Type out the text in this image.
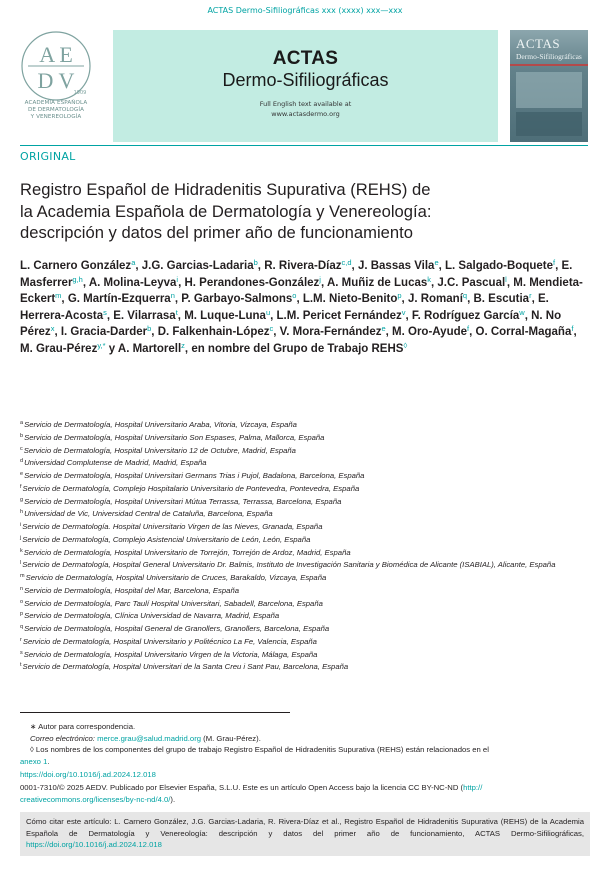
ACTAS Dermo-Sifiliográficas xxx (xxxx) xxx—xxx
A E
D V 1909
ACADEMIA ESPAÑOLA
DE DERMATOLOGÍA
Y VENEREOLOGÍA
ACTAS
Dermo-Sifiliográficas
Full English text available at
www.actasdermo.org
ACTAS
Dermo-Sifiliográficas
ORIGINAL
Registro Español de Hidradenitis Supurativa (REHS) de
la Academia Española de Dermatología y Venereología:
descripción y datos del primer año de funcionamiento
L. Carnero González$^a$, J.G. Garcias-Ladaria$^b$, R. Rivera-Díaz$^{c,d}$, J. Bassas Vila$^e$, L. Salgado-Boquete$^f$, E. Masferrer$^{g,h}$, A. Molina-Leyva$^i$, H. Perandones-González$^j$, A. Muñiz de Lucas$^k$, J.C. Pascual$^l$, M. Mendieta-Eckert$^m$, G. Martín-Ezquerra$^n$, P. Garbayo-Salmons$^o$, L.M. Nieto-Benito$^p$, J. Romaní$^q$, B. Escutia$^r$, E. Herrera-Acosta$^s$, E. Vilarrasa$^t$, M. Luque-Luna$^u$, L.M. Pericet Fernández$^v$, F. Rodríguez García$^w$, N. No Pérez$^x$, I. Gracia-Darder$^b$, D. Falkenhain-López$^c$, V. Mora-Fernández$^e$, M. Oro-Ayude$^f$, O. Corral-Magaña$^f$, M. Grau-Pérez$^{y,*}$ y A. Martorell$^z$, en nombre del Grupo de Trabajo REHS◊
$^a$Servicio de Dermatología, Hospital Universitario Araba, Vitoria, Vizcaya, España
$^b$Servicio de Dermatología, Hospital Universitario Son Espases, Palma, Mallorca, España
$^c$Servicio de Dermatología, Hospital Universitario 12 de Octubre, Madrid, España
$^d$Universidad Complutense de Madrid, Madrid, España
$^e$Servicio de Dermatología, Hospital Universitari Germans Trias i Pujol, Badalona, Barcelona, España
$^f$Servicio de Dermatología, Complejo Hospitalario Universitario de Pontevedra, Pontevedra, España
$^g$Servicio de Dermatología, Hospital Universitari Mútua Terrassa, Terrassa, Barcelona, España
$^h$Universidad de Vic, Universidad Central de Cataluña, Barcelona, España
$^i$Servicio de Dermatología. Hospital Universitario Virgen de las Nieves, Granada, España
$^j$Servicio de Dermatología, Complejo Asistencial Universitario de León, León, España
$^k$Servicio de Dermatología, Hospital Universitario de Torrejón, Torrejón de Ardoz, Madrid, España
$^l$Servicio de Dermatología, Hospital General Universitario Dr. Balmis, Instituto de Investigación Sanitaria y Biomédica de Alicante (ISABIAL), Alicante, España
$^m$Servicio de Dermatología, Hospital Universitario de Cruces, Barakaldo, Vizcaya, España
$^n$Servicio de Dermatología, Hospital del Mar, Barcelona, España
$^o$Servicio de Dermatología, Parc Taulí Hospital Universitari, Sabadell, Barcelona, España
$^p$Servicio de Dermatología, Clínica Universidad de Navarra, Madrid, España
$^q$Servicio de Dermatología, Hospital General de Granollers, Granollers, Barcelona, España
$^r$Servicio de Dermatología, Hospital Universitario y Politécnico La Fe, Valencia, España
$^s$Servicio de Dermatología, Hospital Universitario Virgen de la Victoria, Málaga, España
$^t$Servicio de Dermatología, Hospital Universitari de la Santa Creu i Sant Pau, Barcelona, España
∗ Autor para correspondencia.
Correo electrónico: merce.grau@salud.madrid.org (M. Grau-Pérez).
◊ Los nombres de los componentes del grupo de trabajo Registro Español de Hidradenitis Supurativa (REHS) están relacionados en el
anexo 1.
https://doi.org/10.1016/j.ad.2024.12.018
0001-7310/© 2025 AEDV. Publicado por Elsevier España, S.L.U. Este es un artículo Open Access bajo la licencia CC BY-NC-ND (http://
creativecommons.org/licenses/by-nc-nd/4.0/).
Cómo citar este artículo: L. Carnero González, J.G. Garcias-Ladaria, R. Rivera-Díaz et al., Registro Español de Hidradenitis Supurativa (REHS) de la Academia Española de Dermatología y Venereología: descripción y datos del primer año de funcionamiento, ACTAS Dermo-Sifiliográficas, https://doi.org/10.1016/j.ad.2024.12.018
